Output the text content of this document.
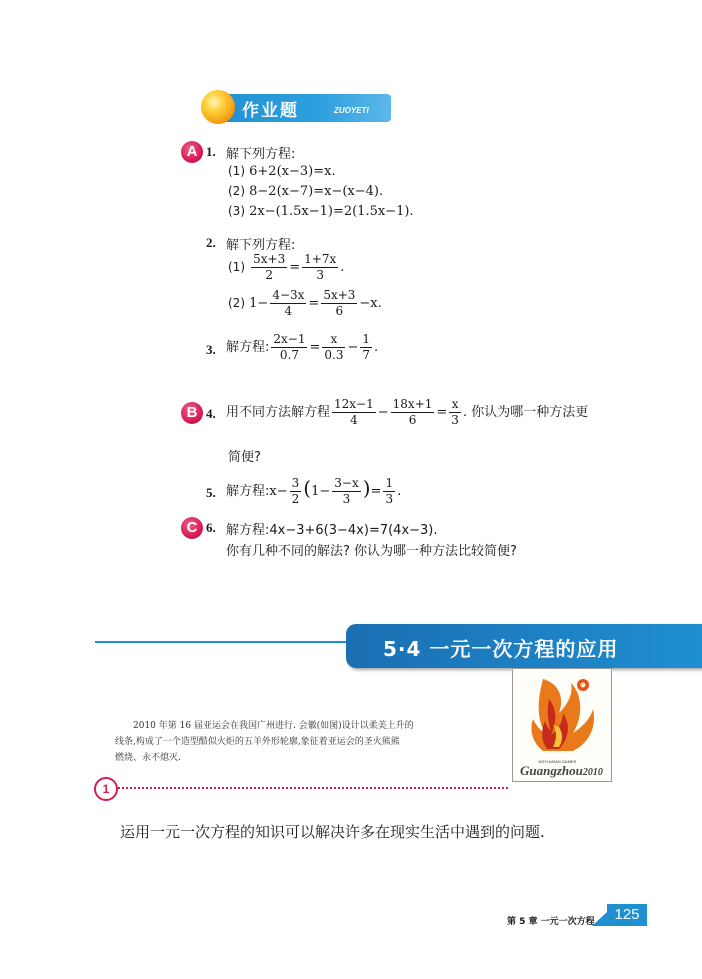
作业题	ZUOYETI
A 1. 解下列方程:
(1) 6+2(x−3)=x.
(2) 8−2(x−7)=x−(x−4).
(3) 2x−(1.5x−1)=2(1.5x−1).
2. 解下列方程:
$(1) \frac{5x+3}{2} = \frac{1+7x}{3}$ .
(2) $1- \frac{4-3x}{4} = \frac{5x+3}{6} -x$.
3. 解方程: $\frac{2x-1}{0.7} = \frac{x}{0.3} - \frac{1}{7}$ .
B 4. 用不同方法解方程 $\frac{12x-1}{4} - \frac{18x+1}{6} = \frac{x}{3}$ . 你认为哪一种方法更
简便?
5. 解方程:x− $\frac{3}{2} (1- \frac{3-x}{3}$ )= $\frac{1}{3}$ .
C 6. 解方程:4x−3+6(3−4x)=7(4x−3).
你有几种不同的解法? 你认为哪一种方法比较简便?
5·4 一元一次方程的应用
16TH ASIAN GAMES
Guangzhou2010
2010 年第 16 届亚运会在我国广州进行. 会徽(如图)设计以柔美上升的
线条,构成了一个造型酷似火炬的五羊外形轮廓,象征着亚运会的圣火熊熊
燃烧、永不熄灭.
1
运用一元一次方程的知识可以解决许多在现实生活中遇到的问题.
第 5 章 一元一次方程	125
